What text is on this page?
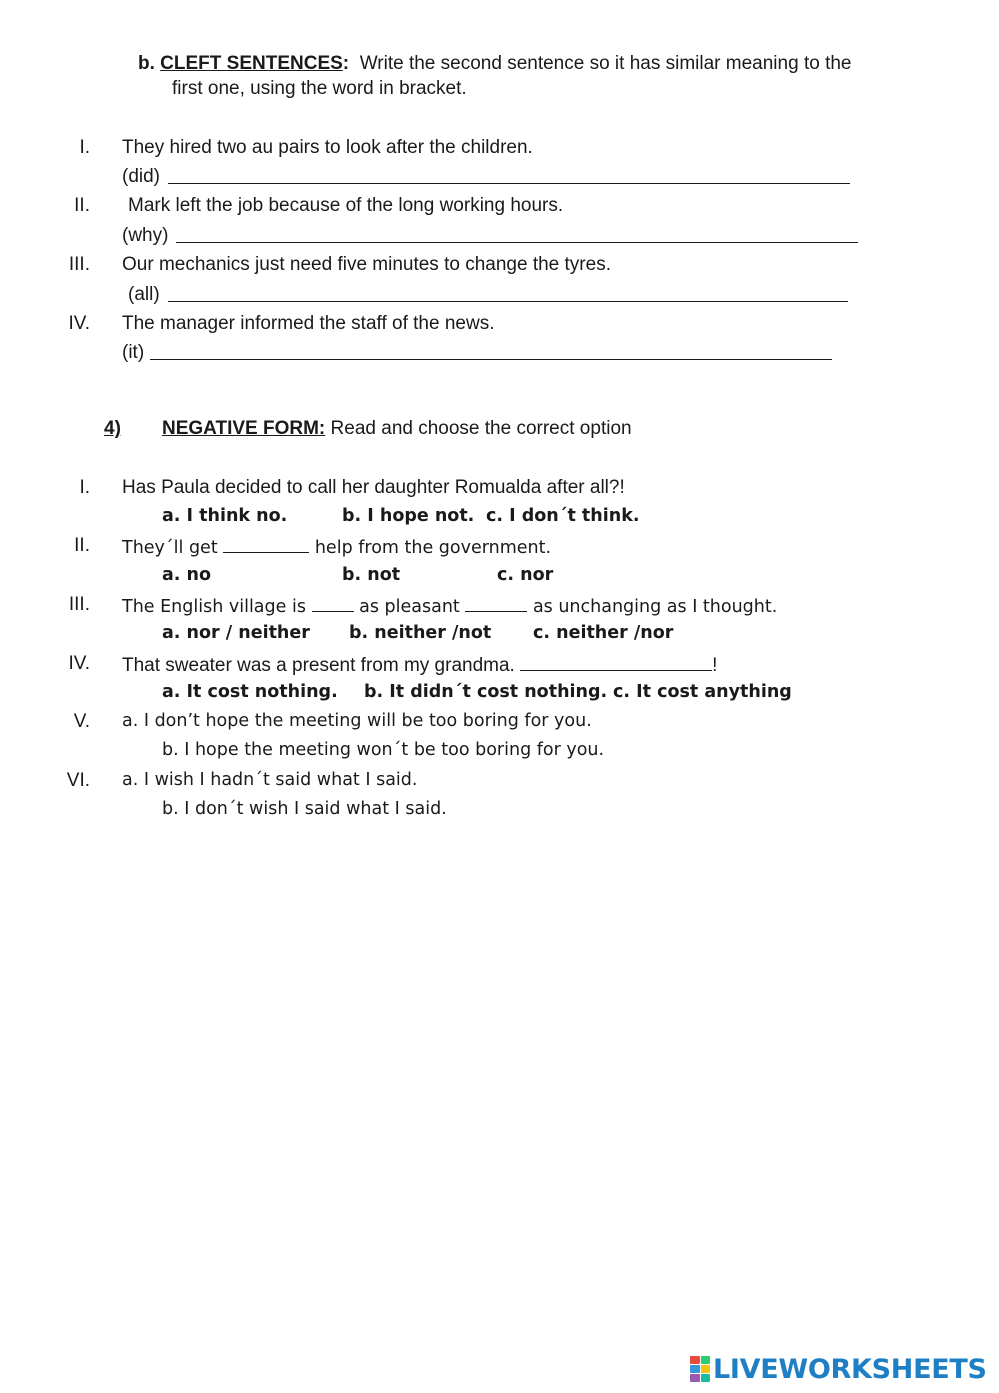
b. CLEFT SENTENCES: Write the second sentence so it has similar meaning to the
first one, using the word in bracket.
I. They hired two au pairs to look after the children.
(did)
II. Mark left the job because of the long working hours.
(why)
III. Our mechanics just need five minutes to change the tyres.
(all)
IV. The manager informed the staff of the news.
(it)
4) NEGATIVE FORM: Read and choose the correct option
I. Has Paula decided to call her daughter Romualda after all?!
a. I think no.	b. I hope not. c. I don´t think.
II. They´ll get	help from the government.
a. no	b. not	c. nor
III. The English village is	as pleasant	as unchanging as I thought.
a. nor / neither b. neither /not c. neither /nor
IV. That sweater was a present from my grandma.	!
a. It cost nothing. b. It didn´t cost nothing. c. It cost anything
V. a. I don’t hope the meeting will be too boring for you.
b. I hope the meeting won´t be too boring for you.
VI. a. I wish I hadn´t said what I said.
b. I don´t wish I said what I said.
LIVEWORKSHEETS
